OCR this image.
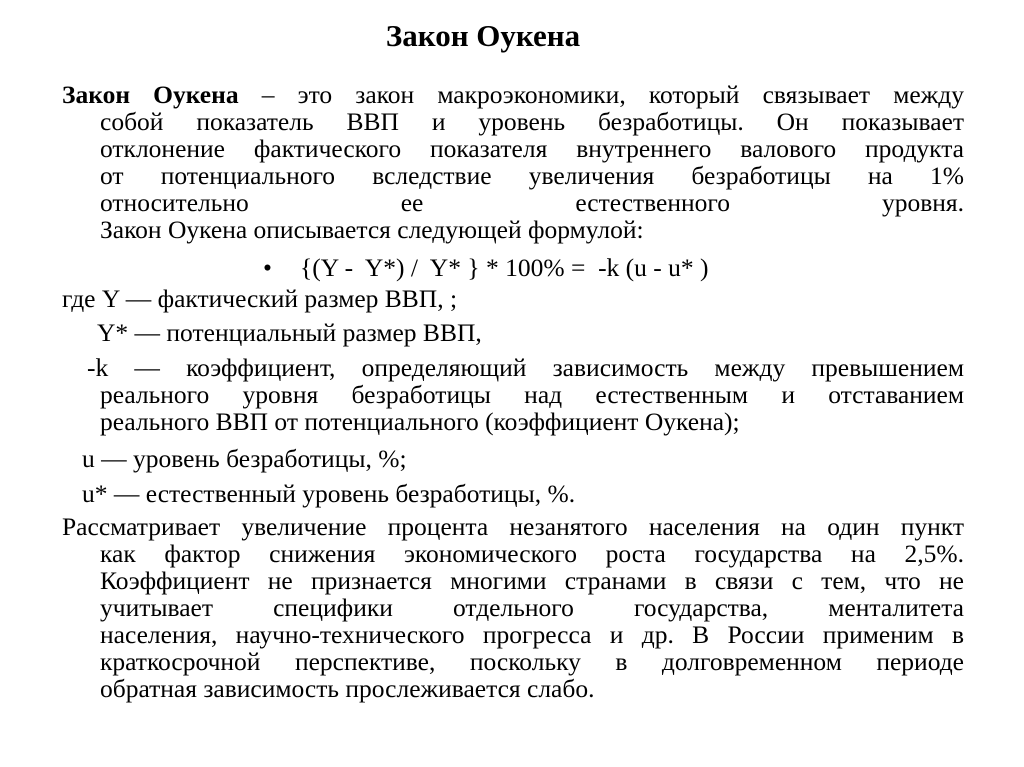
Закон Оукена
Закон Оукена – это закон макроэкономики, который связывает между
собой показатель ВВП и уровень безработицы. Он показывает
отклонение фактического показателя внутреннего валового продукта
от потенциального вследствие увеличения безработицы на 1%
относительно ее естественного уровня.
Закон Оукена описывается следующей формулой:
• {(Y -  Y*) /  Y* } * 100% =  -k (u - u* )
где Y — фактический размер ВВП, ;
Y* — потенциальный размер ВВП,
-k — коэффициент, определяющий зависимость между превышением
реального уровня безработицы над естественным и отставанием
реального ВВП от потенциального (коэффициент Оукена);
u — уровень безработицы, %;
u* — естественный уровень безработицы, %.
Рассматривает увеличение процента незанятого населения на один пункт
как фактор снижения экономического роста государства на 2,5%.
Коэффициент не признается многими странами в связи с тем, что не
учитывает специфики отдельного государства, менталитета
населения, научно-технического прогресса и др. В России применим в
краткосрочной перспективе, поскольку в долговременном периоде
обратная зависимость прослеживается слабо.
